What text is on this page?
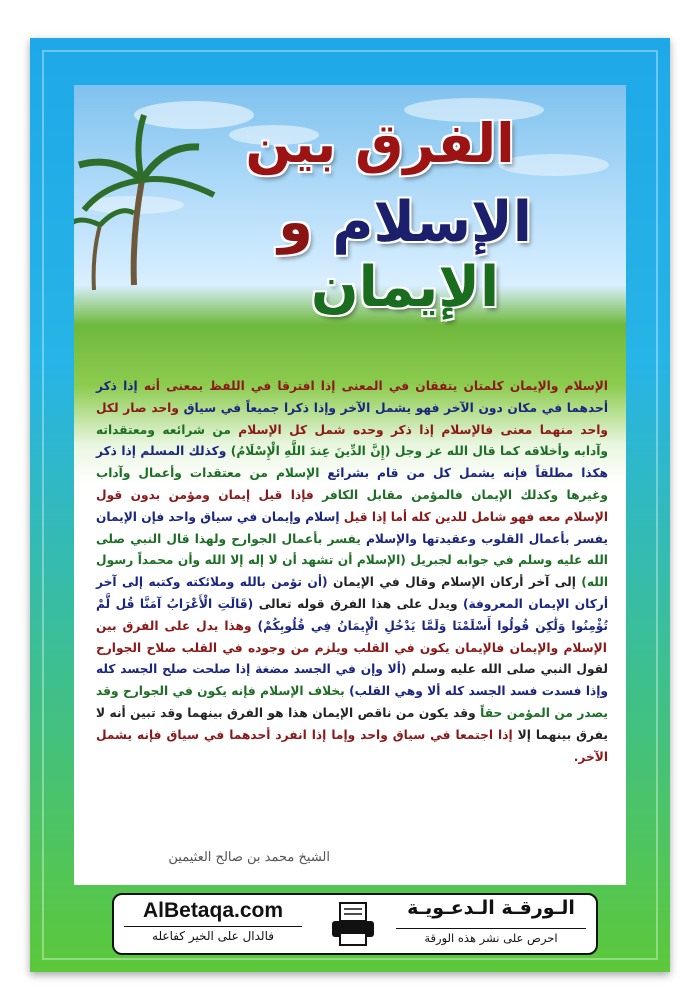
الفرق بين
الإسلام و الإيمان
الإسلام والإيمان كلمتان يتفقان في المعنى إذا افترقا في اللفظ بمعنى أنه إذا ذكر أحدهما في مكان دون الآخر فهو يشمل الآخر وإذا ذكرا جميعاً في سياق واحد صار لكل واحد منهما معنى فالإسلام إذا ذكر وحده شمل كل الإسلام من شرائعه ومعتقداته وآدابه وأخلاقه كما قال الله عز وجل (إِنَّ الدِّينَ عِندَ اللَّهِ الْإِسْلَامُ) وكذلك المسلم إذا ذكر هكذا مطلقاً فإنه يشمل كل من قام بشرائع الإسلام من معتقدات وأعمال وآداب وغيرها وكذلك الإيمان فالمؤمن مقابل الكافر فإذا قيل إيمان ومؤمن بدون قول الإسلام معه فهو شامل للدين كله أما إذا قيل إسلام وإيمان في سياق واحد فإن الإيمان يفسر بأعمال القلوب وعقيدتها والإسلام يفسر بأعمال الجوارح ولهذا قال النبي صلى الله عليه وسلم في جوابه لجبريل (الإسلام أن تشهد أن لا إله إلا الله وأن محمداً رسول الله) إلى آخر أركان الإسلام وقال في الإيمان (أن تؤمن بالله وملائكته وكتبه إلى آخر أركان الإيمان المعروفة) ويدل على هذا الفرق قوله تعالى (قَالَتِ الْأَعْرَابُ آمَنَّا قُل لَّمْ تُؤْمِنُوا وَلَٰكِن قُولُوا أَسْلَمْنَا وَلَمَّا يَدْخُلِ الْإِيمَانُ فِي قُلُوبِكُمْ) وهذا يدل على الفرق بين الإسلام والإيمان فالإيمان يكون في القلب ويلزم من وجوده في القلب صلاح الجوارح لقول النبي صلى الله عليه وسلم (ألا وإن في الجسد مضغة إذا صلحت صلح الجسد كله وإذا فسدت فسد الجسد كله ألا وهي القلب) بخلاف الإسلام فإنه يكون في الجوارح وقد يصدر من المؤمن حقاً وقد يكون من ناقص الإيمان هذا هو الفرق بينهما وقد تبين أنه لا يفرق بينهما إلا إذا اجتمعا في سياق واحد وإما إذا انفرد أحدهما في سياق فإنه يشمل الآخر.
الشيخ محمد بن صالح العثيمين
AlBetaqa.com
فالدال على الخير كفاعله
الـورقـة الـدعـويـة
احرص على نشر هذه الورقة
